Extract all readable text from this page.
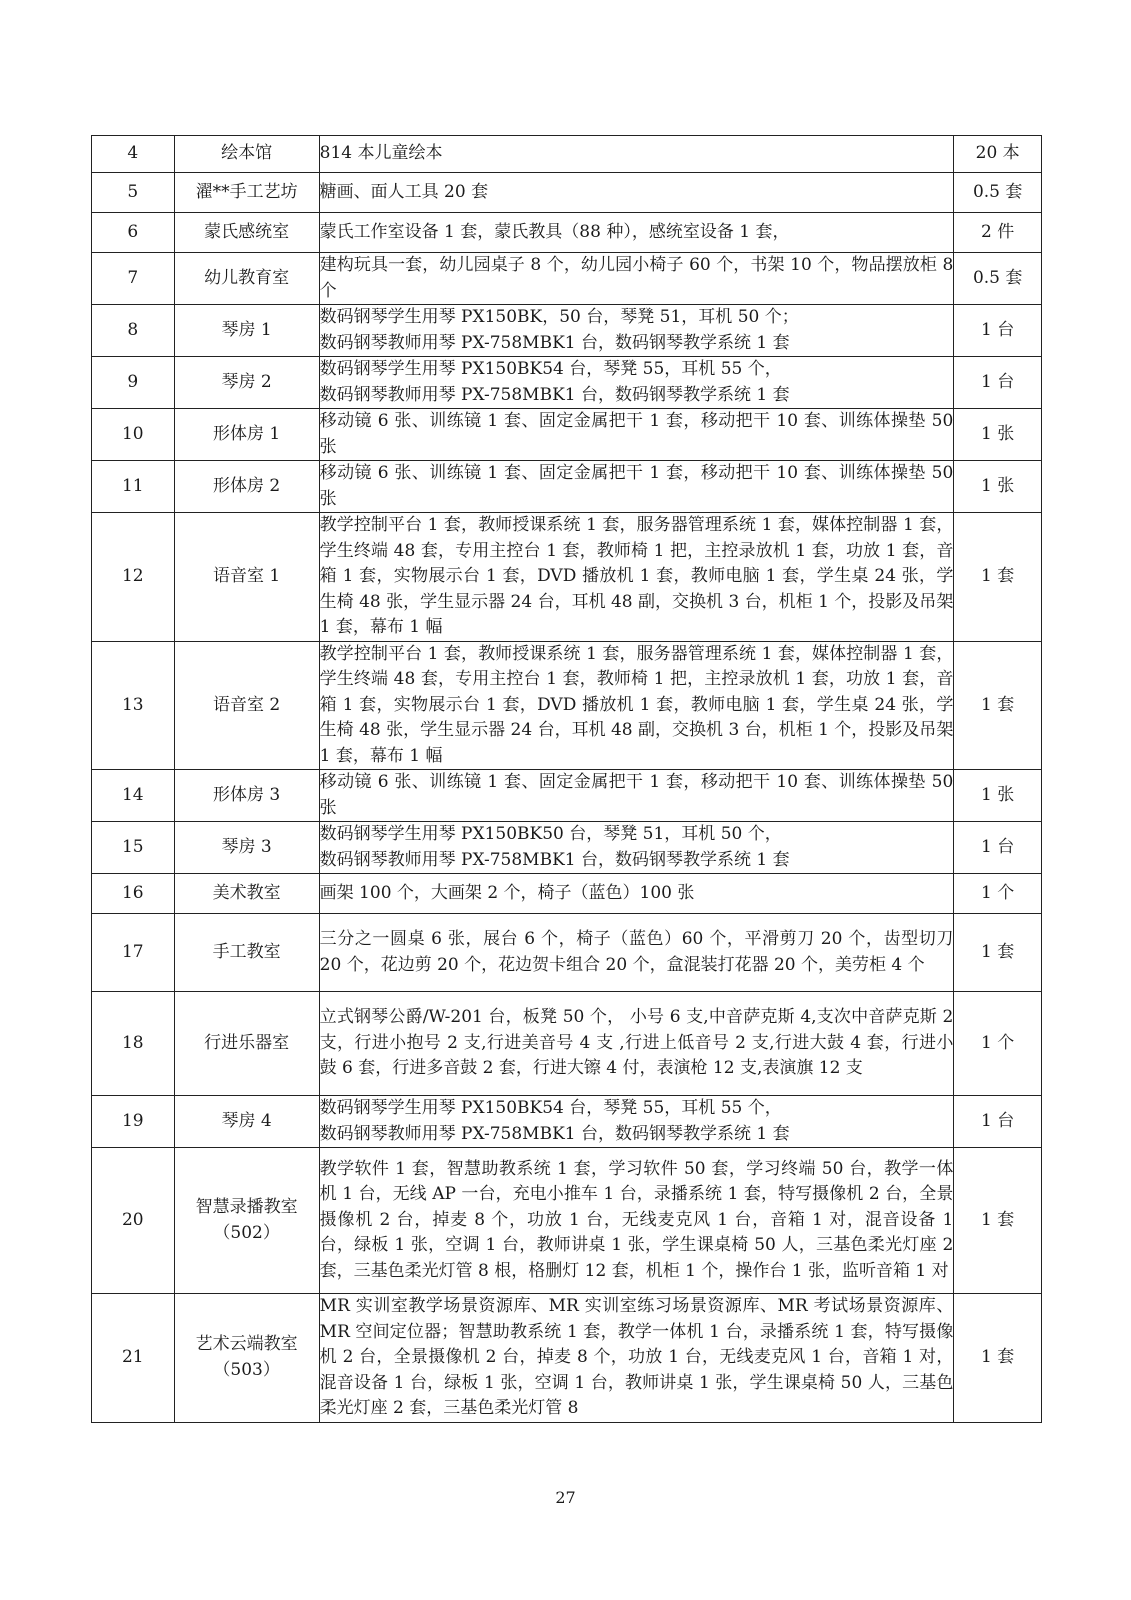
4	绘本馆	814 本儿童绘本	20 本
5	濯**手工艺坊	糖画、面人工具 20 套	0.5 套
6	蒙氏感统室	蒙氏工作室设备 1 套，蒙氏教具（88 种），感统室设备 1 套，	2 件
7	幼儿教育室	建构玩具一套，幼儿园桌子 8 个，幼儿园小椅子 60 个，书架 10 个，物品摆放柜 8 个	0.5 套
8	琴房 1	数码钢琴学生用琴 PX150BK，50 台，琴凳 51，耳机 50 个；
数码钢琴教师用琴 PX-758MBK1 台，数码钢琴教学系统 1 套	1 台
9	琴房 2	数码钢琴学生用琴 PX150BK54 台，琴凳 55，耳机 55 个，
数码钢琴教师用琴 PX-758MBK1 台，数码钢琴教学系统 1 套	1 台
10	形体房 1	移动镜 6 张、训练镜 1 套、固定金属把干 1 套，移动把干 10 套、训练体操垫 50 张	1 张
11	形体房 2	移动镜 6 张、训练镜 1 套、固定金属把干 1 套，移动把干 10 套、训练体操垫 50 张	1 张
12	语音室 1	教学控制平台 1 套，教师授课系统 1 套，服务器管理系统 1 套，媒体控制器 1 套，学生终端 48 套，专用主控台 1 套，教师椅 1 把，主控录放机 1 套，功放 1 套，音箱 1 套，实物展示台 1 套，DVD 播放机 1 套，教师电脑 1 套，学生桌 24 张，学生椅 48 张，学生显示器 24 台，耳机 48 副，交换机 3 台，机柜 1 个，投影及吊架 1 套，幕布 1 幅	1 套
13	语音室 2	教学控制平台 1 套，教师授课系统 1 套，服务器管理系统 1 套，媒体控制器 1 套，学生终端 48 套，专用主控台 1 套，教师椅 1 把，主控录放机 1 套，功放 1 套，音箱 1 套，实物展示台 1 套，DVD 播放机 1 套，教师电脑 1 套，学生桌 24 张，学生椅 48 张，学生显示器 24 台，耳机 48 副，交换机 3 台，机柜 1 个，投影及吊架 1 套，幕布 1 幅	1 套
14	形体房 3	移动镜 6 张、训练镜 1 套、固定金属把干 1 套，移动把干 10 套、训练体操垫 50 张	1 张
15	琴房 3	数码钢琴学生用琴 PX150BK50 台，琴凳 51，耳机 50 个，
数码钢琴教师用琴 PX-758MBK1 台，数码钢琴教学系统 1 套	1 台
16	美术教室	画架 100 个，大画架 2 个，椅子（蓝色）100 张	1 个
17	手工教室	三分之一圆桌 6 张，展台 6 个，椅子（蓝色）60 个，平滑剪刀 20 个，齿型切刀 20 个，花边剪 20 个，花边贺卡组合 20 个，盒混装打花器 20 个，美劳柜 4 个	1 套
18	行进乐器室	立式钢琴公爵/W-201 台，板凳 50 个， 小号 6 支,中音萨克斯 4,支次中音萨克斯 2 支，行进小抱号 2 支,行进美音号 4 支 ,行进上低音号 2 支,行进大鼓 4 套，行进小鼓 6 套，行进多音鼓 2 套，行进大镲 4 付，表演枪 12 支,表演旗 12 支	1 个
19	琴房 4	数码钢琴学生用琴 PX150BK54 台，琴凳 55，耳机 55 个，
数码钢琴教师用琴 PX-758MBK1 台，数码钢琴教学系统 1 套	1 台
20	智慧录播教室
（502）	教学软件 1 套，智慧助教系统 1 套，学习软件 50 套，学习终端 50 台，教学一体机 1 台，无线 AP 一台，充电小推车 1 台，录播系统 1 套，特写摄像机 2 台，全景摄像机 2 台，掉麦 8 个，功放 1 台，无线麦克风 1 台，音箱 1 对，混音设备 1 台，绿板 1 张，空调 1 台，教师讲桌 1 张，学生课桌椅 50 人，三基色柔光灯座 2 套，三基色柔光灯管 8 根，格删灯 12 套，机柜 1 个，操作台 1 张，监听音箱 1 对	1 套
21	艺术云端教室
（503）	MR 实训室教学场景资源库、MR 实训室练习场景资源库、MR 考试场景资源库、MR 空间定位器；智慧助教系统 1 套，教学一体机 1 台，录播系统 1 套，特写摄像机 2 台，全景摄像机 2 台，掉麦 8 个，功放 1 台，无线麦克风 1 台，音箱 1 对，混音设备 1 台，绿板 1 张，空调 1 台，教师讲桌 1 张，学生课桌椅 50 人，三基色柔光灯座 2 套，三基色柔光灯管 8	1 套
27
